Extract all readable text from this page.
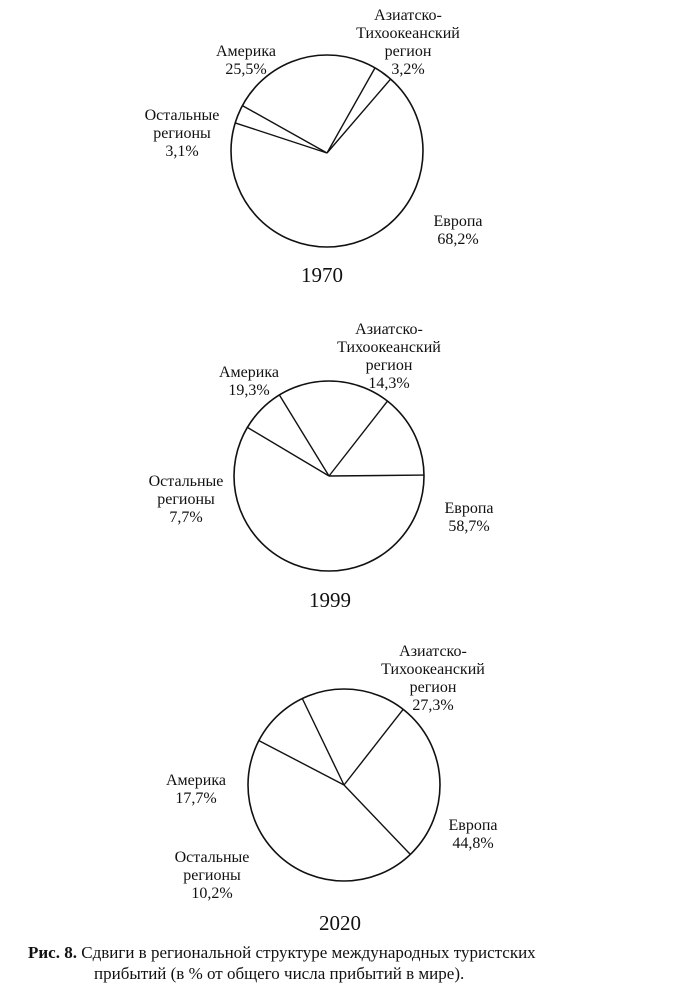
Америка
25,5%
Азиатско-
Тихоокеанский
регион
3,2%
Европа
68,2%
Остальные
регионы
3,1%
1970
Америка
19,3%
Азиатско-
Тихоокеанский
регион
14,3%
Европа
58,7%
Остальные
регионы
7,7%
1999
Америка
17,7%
Азиатско-
Тихоокеанский
регион
27,3%
Европа
44,8%
Остальные
регионы
10,2%
2020
Рис. 8. Сдвиги в региональной структуре международных туристских
прибытий (в % от общего числа прибытий в мире).
